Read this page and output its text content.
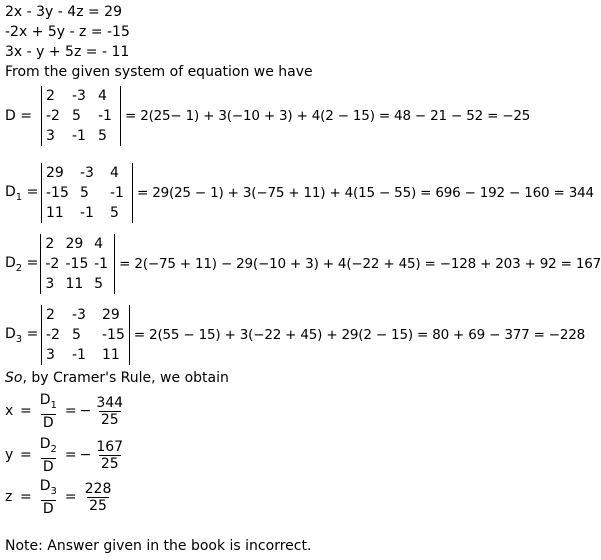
2x - 3y - 4z = 29
-2x + 5y - z = -15
3x - y + 5z = - 11
From the given system of equation we have
D =
2	-3	4
-2	5	-1
3	-1	5
= 2(25− 1) + 3(−10 + 3) + 4(2 − 15) = 48 − 21 − 52 = −25
$D_1$ =
29	-3	4
-15	5	-1
11	-1	5
= 29(25 − 1) + 3(−75 + 11) + 4(15 − 55) = 696 − 192 − 160 = 344
$D_2$ =
2	29	4
-2	-15	-1
3	11	5
= 2(−75 + 11) − 29(−10 + 3) + 4(−22 + 45) = −128 + 203 + 92 = 167
$D_3$ =
2	-3	29
-2	5	-15
3	-1	11
= 2(55 − 15) + 3(−22 + 45) + 29(2 − 15) = 80 + 69 − 377 = −228
So, by Cramer's Rule, we obtain
$x = \frac{D_1}{D}$ = − $\frac{344}{25}$
$y = \frac{D_2}{D}$ = − $\frac{167}{25}$
$z = \frac{D_3}{D} = \frac{228}{25}$
Note: Answer given in the book is incorrect.
